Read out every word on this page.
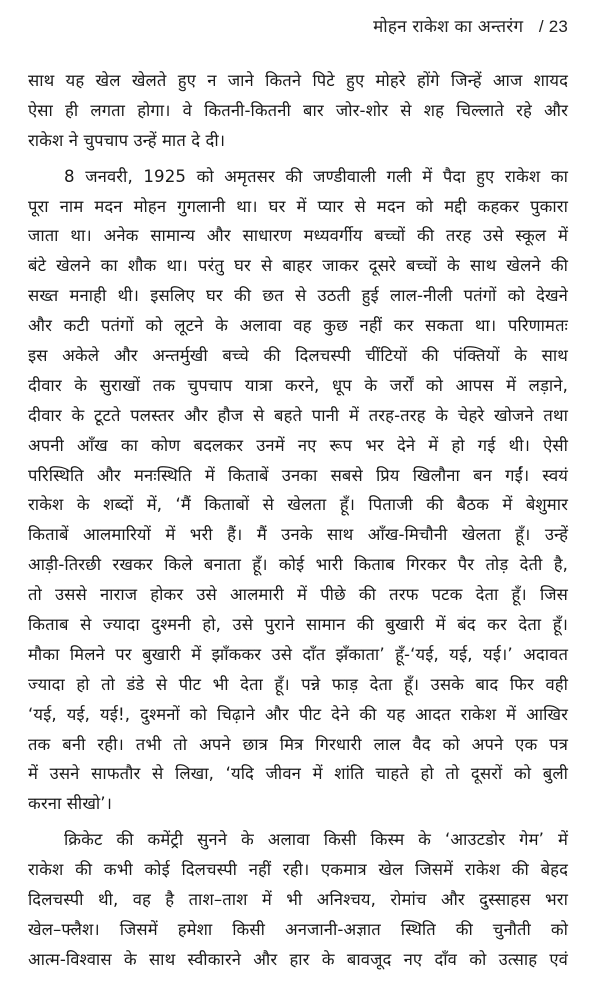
मोहन राकेश का अन्तरंग / 23
साथ यह खेल खेलते हुए न जाने कितने पिटे हुए मोहरे होंगे जिन्हें आज शायद
ऐसा ही लगता होगा। वे कितनी-कितनी बार जोर-शोर से शह चिल्लाते रहे और
राकेश ने चुपचाप उन्हें मात दे दी।
8 जनवरी, 1925 को अमृतसर की जण्डीवाली गली में पैदा हुए राकेश का
पूरा नाम मदन मोहन गुगलानी था। घर में प्यार से मदन को मद्दी कहकर पुकारा
जाता था। अनेक सामान्य और साधारण मध्यवर्गीय बच्चों की तरह उसे स्कूल में
बंटे खेलने का शौक था। परंतु घर से बाहर जाकर दूसरे बच्चों के साथ खेलने की
सख्त मनाही थी। इसलिए घर की छत से उठती हुई लाल-नीली पतंगों को देखने
और कटी पतंगों को लूटने के अलावा वह कुछ नहीं कर सकता था। परिणामतः
इस अकेले और अन्तर्मुखी बच्चे की दिलचस्पी चींटियों की पंक्तियों के साथ
दीवार के सुराखों तक चुपचाप यात्रा करने, धूप के जर्रों को आपस में लड़ाने,
दीवार के टूटते पलस्तर और हौज से बहते पानी में तरह-तरह के चेहरे खोजने तथा
अपनी आँख का कोण बदलकर उनमें नए रूप भर देने में हो गई थी। ऐसी
परिस्थिति और मनःस्थिति में किताबें उनका सबसे प्रिय खिलौना बन गईं। स्वयं
राकेश के शब्दों में, ‘मैं किताबों से खेलता हूँ। पिताजी की बैठक में बेशुमार
किताबें आलमारियों में भरी हैं। मैं उनके साथ आँख-मिचौनी खेलता हूँ। उन्हें
आड़ी-तिरछी रखकर किले बनाता हूँ। कोई भारी किताब गिरकर पैर तोड़ देती है,
तो उससे नाराज होकर उसे आलमारी में पीछे की तरफ पटक देता हूँ। जिस
किताब से ज्यादा दुश्मनी हो, उसे पुराने सामान की बुखारी में बंद कर देता हूँ।
मौका मिलने पर बुखारी में झाँककर उसे दाँत झँकाता’ हूँ-‘यई, यई, यई।’ अदावत
ज्यादा हो तो डंडे से पीट भी देता हूँ। पन्ने फाड़ देता हूँ। उसके बाद फिर वही
‘यई, यई, यई!, दुश्मनों को चिढ़ाने और पीट देने की यह आदत राकेश में आखिर
तक बनी रही। तभी तो अपने छात्र मित्र गिरधारी लाल वैद को अपने एक पत्र
में उसने साफतौर से लिखा, ‘यदि जीवन में शांति चाहते हो तो दूसरों को बुली
करना सीखो’।
क्रिकेट की कमेंट्री सुनने के अलावा किसी किस्म के ‘आउटडोर गेम’ में
राकेश की कभी कोई दिलचस्पी नहीं रही। एकमात्र खेल जिसमें राकेश की बेहद
दिलचस्पी थी, वह है ताश–ताश में भी अनिश्चय, रोमांच और दुस्साहस भरा
खेल–फ्लैश। जिसमें हमेशा किसी अनजानी-अज्ञात स्थिति की चुनौती को
आत्म-विश्वास के साथ स्वीकारने और हार के बावजूद नए दाँव को उत्साह एवं
